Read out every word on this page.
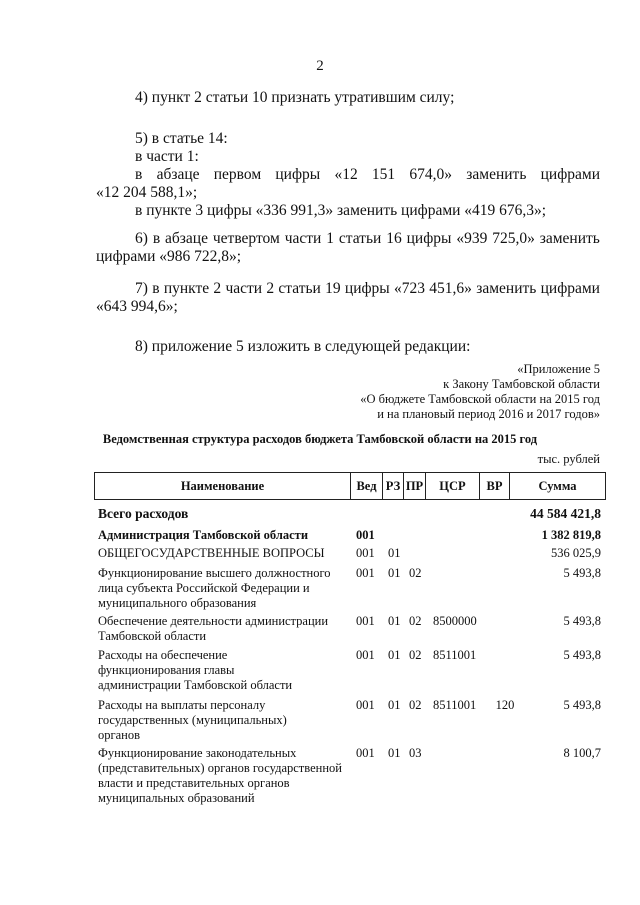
2
4) пункт 2 статьи 10 признать утратившим силу;
5) в статье 14:
в части 1:
в абзаце первом цифры «12 151 674,0» заменить цифрами
«12 204 588,1»;
в пункте 3 цифры «336 991,3» заменить цифрами «419 676,3»;
6) в абзаце четвертом части 1 статьи 16 цифры «939 725,0» заменить
цифрами «986 722,8»;
7) в пункте 2 части 2 статьи 19 цифры «723 451,6» заменить цифрами
«643 994,6»;
8) приложение 5 изложить в следующей редакции:
«Приложение 5
к Закону Тамбовской области
«О бюджете Тамбовской области на 2015 год
и на плановый период 2016 и 2017 годов»
Ведомственная структура расходов бюджета Тамбовской области на 2015 год
тыс. рублей
Наименование	Вед РЗ ПР	ЦСР	ВР	Сумма
Всего расходов	44 584 421,8
Администрация Тамбовской области	001	1 382 819,8
ОБЩЕГОСУДАРСТВЕННЫЕ ВОПРОСЫ	001	01	536 025,9
Функционирование высшего должностного лица субъекта Российской Федерации и муниципального образования
001	01 02	5 493,8
Обеспечение деятельности администрации Тамбовской области
001	01 02 8500000	5 493,8
Расходы на обеспечение функционирования главы администрации Тамбовской области
001	01 02 8511001	5 493,8
Расходы на выплаты персоналу государственных (муниципальных) органов
001	01 02 8511001	120	5 493,8
Функционирование законодательных (представительных) органов государственной власти и представительных органов муниципальных образований
001	01 03	8 100,7
